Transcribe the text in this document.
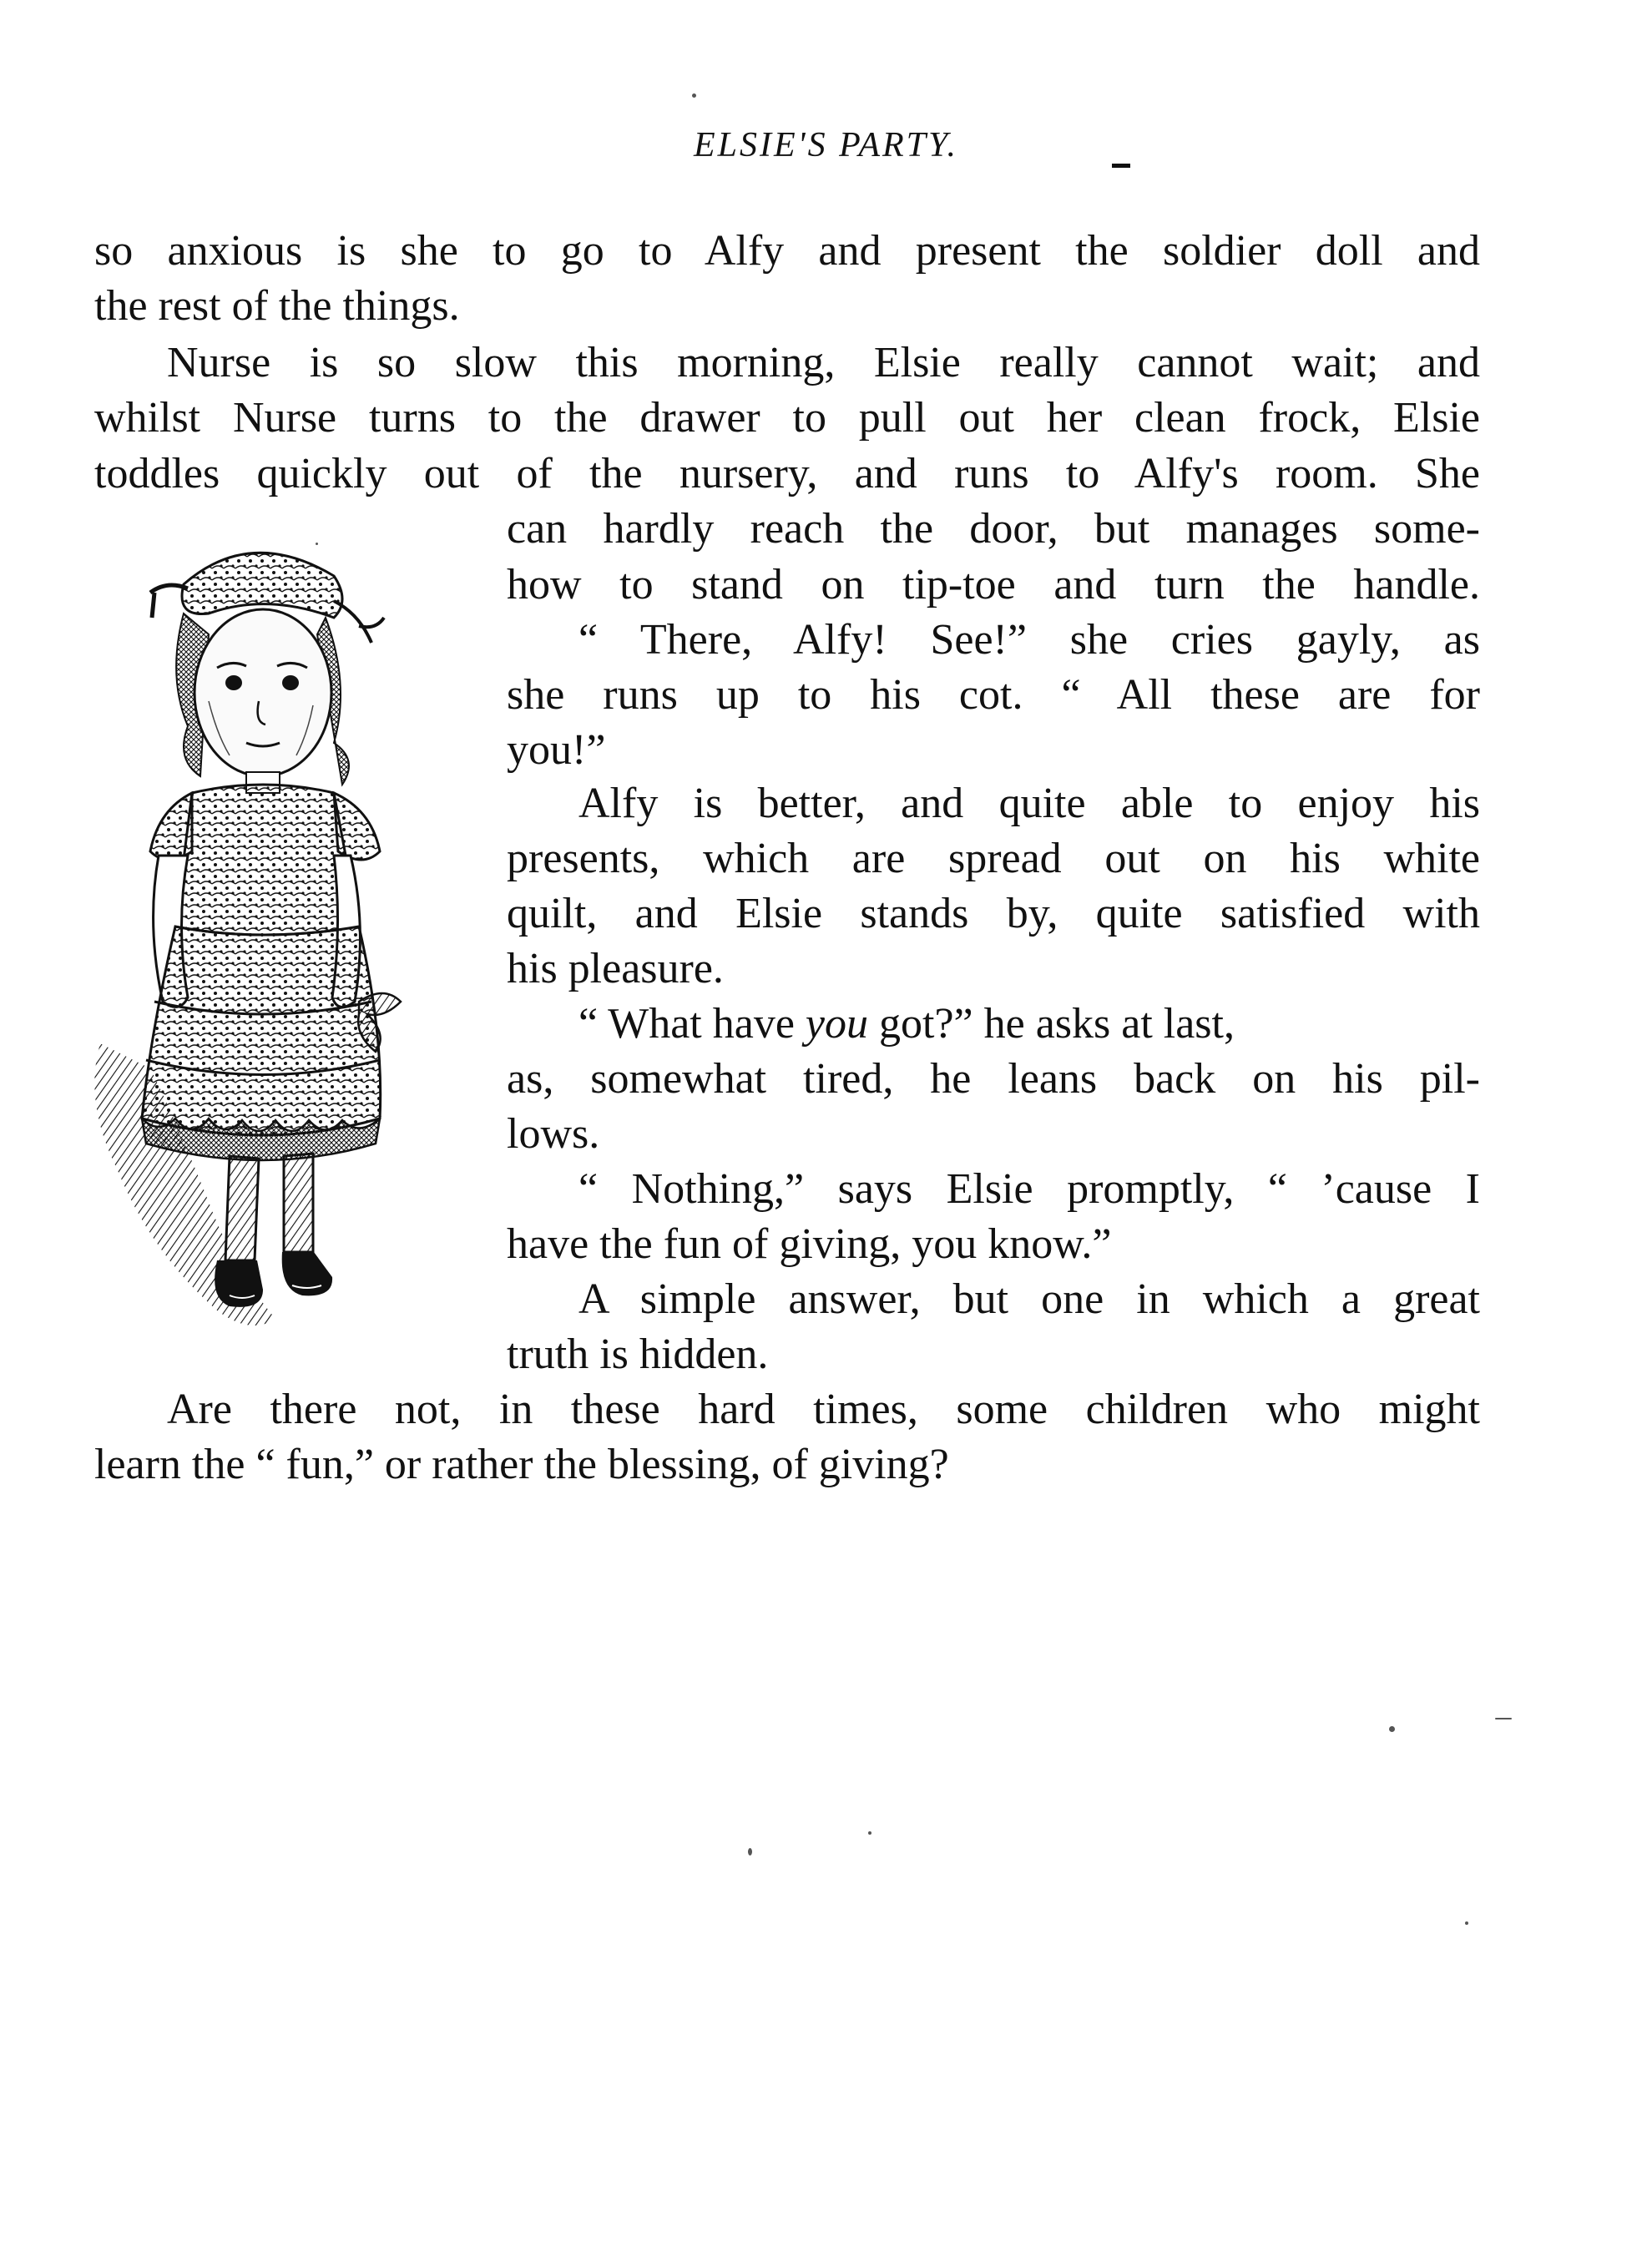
ELSIE'S PARTY.
so anxious is she to go to Alfy and present the soldier doll and
the rest of the things.
Nurse is so slow this morning, Elsie really cannot wait; and
whilst Nurse turns to the drawer to pull out her clean frock, Elsie
toddles quickly out of the nursery, and runs to Alfy's room. She
can hardly reach the door, but manages some-
how to stand on tip-toe and turn the handle.
“ There, Alfy! See!” she cries gayly, as
she runs up to his cot. “ All these are for
you!”
Alfy is better, and quite able to enjoy his
presents, which are spread out on his white
quilt, and Elsie stands by, quite satisfied with
his pleasure.
“ What have you got?” he asks at last,
as, somewhat tired, he leans back on his pil-
lows.
“ Nothing,” says Elsie promptly, “ ’cause I
have the fun of giving, you know.”
A simple answer, but one in which a great
truth is hidden.
Are there not, in these hard times, some children who might
learn the “ fun,” or rather the blessing, of giving?
